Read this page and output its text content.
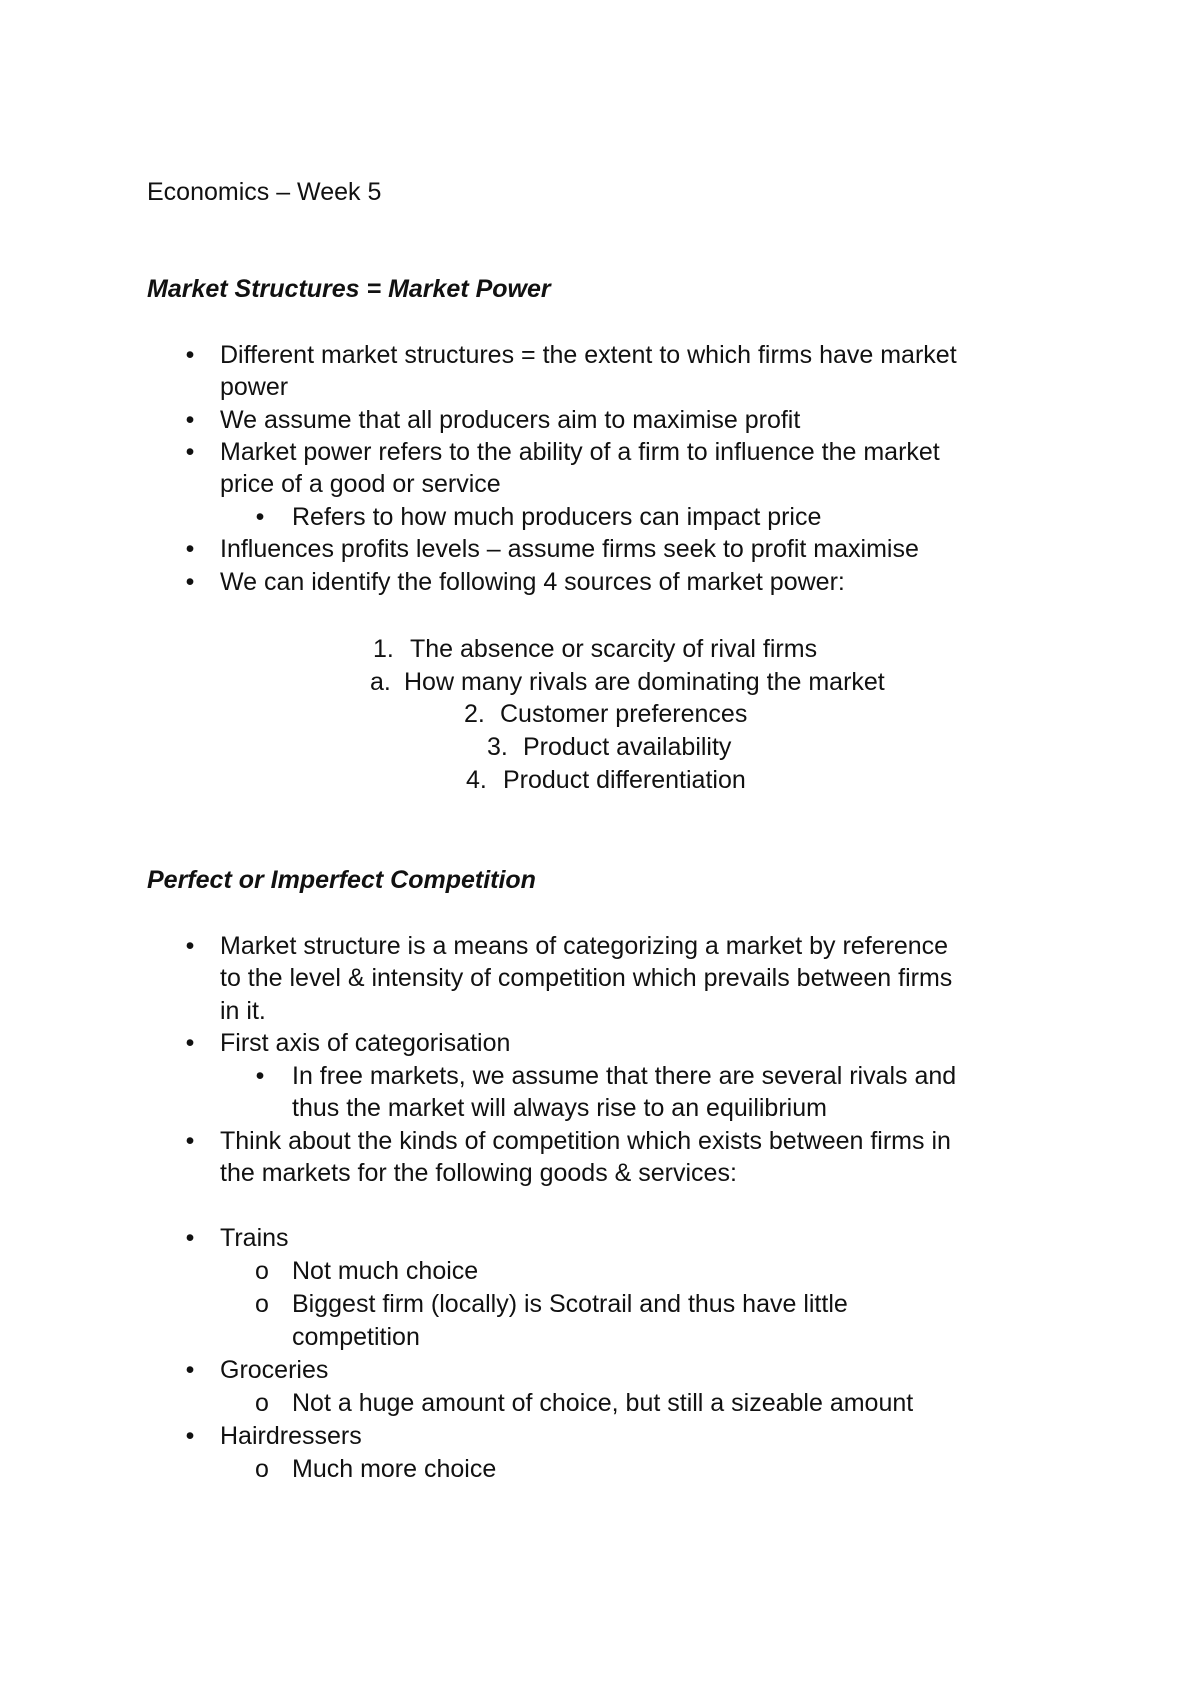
Economics – Week 5
Market Structures = Market Power
• Different market structures = the extent to which firms have market
power
• We assume that all producers aim to maximise profit
• Market power refers to the ability of a firm to influence the market
price of a good or service
• Refers to how much producers can impact price
• Influences profits levels – assume firms seek to profit maximise
• We can identify the following 4 sources of market power:
1. The absence or scarcity of rival firms
a. How many rivals are dominating the market
2. Customer preferences
3. Product availability
4. Product differentiation
Perfect or Imperfect Competition
• Market structure is a means of categorizing a market by reference
to the level & intensity of competition which prevails between firms
in it.
• First axis of categorisation
• In free markets, we assume that there are several rivals and
thus the market will always rise to an equilibrium
• Think about the kinds of competition which exists between firms in
the markets for the following goods & services:
• Trains
o Not much choice
o Biggest firm (locally) is Scotrail and thus have little
competition
• Groceries
o Not a huge amount of choice, but still a sizeable amount
• Hairdressers
o Much more choice
